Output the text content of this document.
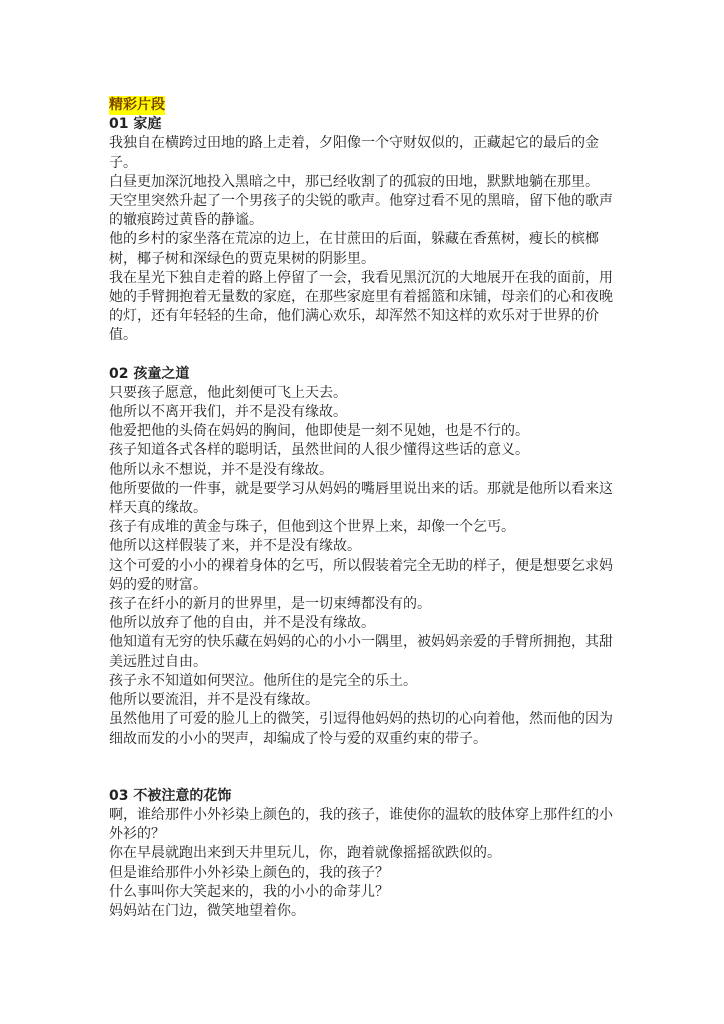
精彩片段
01 家庭
我独自在横跨过田地的路上走着，夕阳像一个守财奴似的，正藏起它的最后的金子。
白昼更加深沉地投入黑暗之中，那已经收割了的孤寂的田地，默默地躺在那里。
天空里突然升起了一个男孩子的尖锐的歌声。他穿过看不见的黑暗，留下他的歌声的辙痕跨过黄昏的静谧。
他的乡村的家坐落在荒凉的边上，在甘蔗田的后面，躲藏在香蕉树，瘦长的槟榔树，椰子树和深绿色的贾克果树的阴影里。
我在星光下独自走着的路上停留了一会，我看见黑沉沉的大地展开在我的面前，用她的手臂拥抱着无量数的家庭，在那些家庭里有着摇篮和床铺，母亲们的心和夜晚的灯，还有年轻轻的生命，他们满心欢乐，却浑然不知这样的欢乐对于世界的价值。
02 孩童之道
只要孩子愿意，他此刻便可飞上天去。
他所以不离开我们，并不是没有缘故。
他爱把他的头倚在妈妈的胸间，他即使是一刻不见她，也是不行的。
孩子知道各式各样的聪明话，虽然世间的人很少懂得这些话的意义。
他所以永不想说，并不是没有缘故。
他所要做的一件事，就是要学习从妈妈的嘴唇里说出来的话。那就是他所以看来这样天真的缘故。
孩子有成堆的黄金与珠子，但他到这个世界上来，却像一个乞丐。
他所以这样假装了来，并不是没有缘故。
这个可爱的小小的裸着身体的乞丐，所以假装着完全无助的样子，便是想要乞求妈妈的爱的财富。
孩子在纤小的新月的世界里，是一切束缚都没有的。
他所以放弃了他的自由，并不是没有缘故。
他知道有无穷的快乐藏在妈妈的心的小小一隅里，被妈妈亲爱的手臂所拥抱，其甜美远胜过自由。
孩子永不知道如何哭泣。他所住的是完全的乐土。
他所以要流泪，并不是没有缘故。
虽然他用了可爱的脸儿上的微笑，引逗得他妈妈的热切的心向着他，然而他的因为细故而发的小小的哭声，却编成了怜与爱的双重约束的带子。
03 不被注意的花饰
啊，谁给那件小外衫染上颜色的，我的孩子，谁使你的温软的肢体穿上那件红的小外衫的？
你在早晨就跑出来到天井里玩儿，你，跑着就像摇摇欲跌似的。
但是谁给那件小外衫染上颜色的，我的孩子？
什么事叫你大笑起来的，我的小小的命芽儿？
妈妈站在门边，微笑地望着你。
